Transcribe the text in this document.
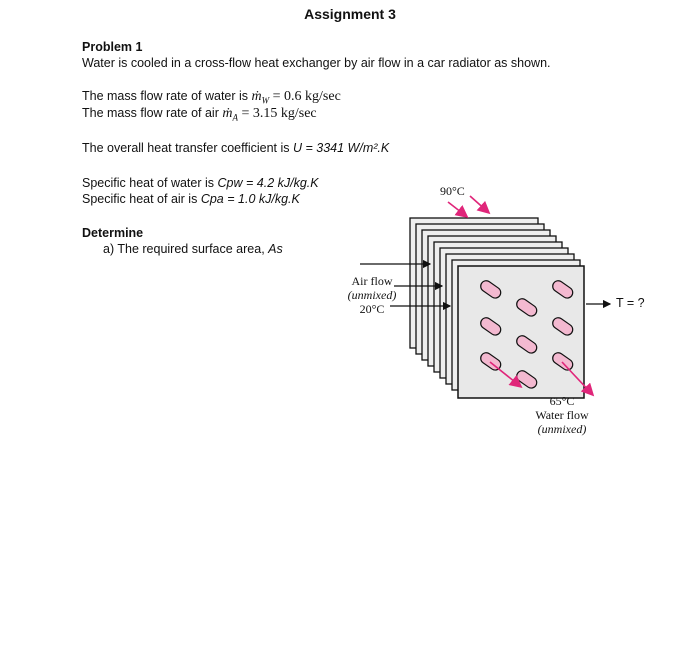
Assignment 3
Problem 1
Water is cooled in a cross-flow heat exchanger by air flow in a car radiator as shown.
The mass flow rate of water is ṁ$_W$ = 0.6 kg/sec
The mass flow rate of air ṁ$_A$ = 3.15 kg/sec
The overall heat transfer coefficient is U = 3341 W/m².K
Specific heat of water is Cpw = 4.2 kJ/kg.K
Specific heat of air is Cpa = 1.0 kJ/kg.K
Determine
a) The required surface area, As
90°C
Air flow
(unmixed)
20°C
65°C
Water flow
(unmixed)
T = ?
